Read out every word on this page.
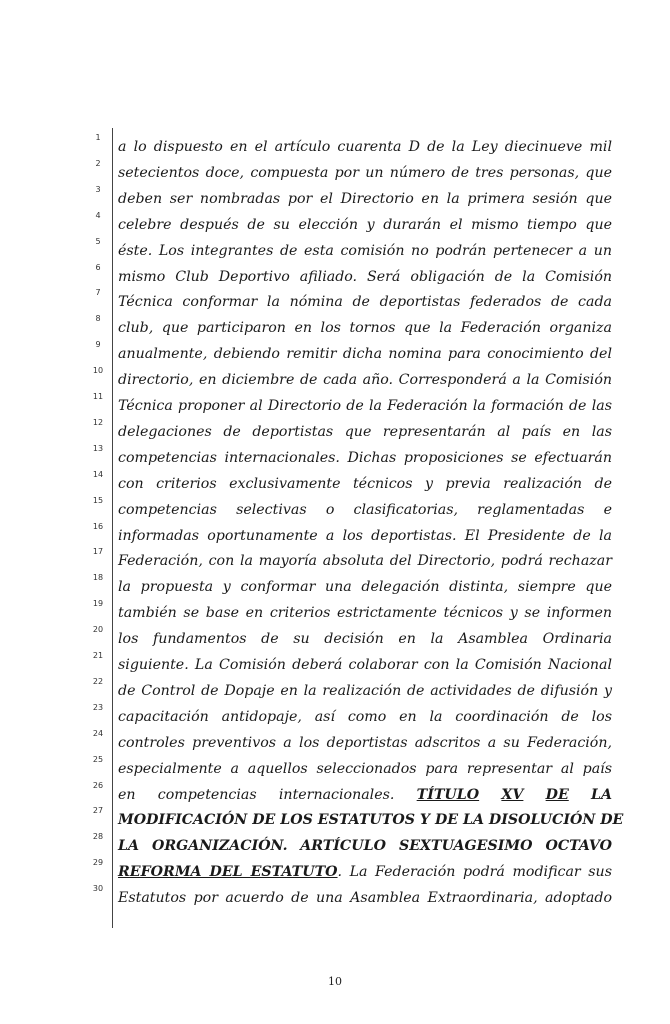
1
2
3
4
5
6
7
8
9
10
11
12
13
14
15
16
17
18
19
20
21
22
23
24
25
26
27
28
29
30
a lo dispuesto en el artículo cuarenta D de la Ley diecinueve mil
setecientos doce, compuesta por un número de tres personas, que
deben ser nombradas por el Directorio en la primera sesión que
celebre después de su elección y durarán el mismo tiempo que
éste. Los integrantes de esta comisión no podrán pertenecer a un
mismo Club Deportivo afiliado. Será obligación de la Comisión
Técnica conformar la nómina de deportistas federados de cada
club, que participaron en los tornos que la Federación organiza
anualmente, debiendo remitir dicha nomina para conocimiento del
directorio, en diciembre de cada año. Corresponderá a la Comisión
Técnica proponer al Directorio de la Federación la formación de las
delegaciones de deportistas que representarán al país en las
competencias internacionales. Dichas proposiciones se efectuarán
con criterios exclusivamente técnicos y previa realización de
competencias selectivas o clasificatorias, reglamentadas e
informadas oportunamente a los deportistas. El Presidente de la
Federación, con la mayoría absoluta del Directorio, podrá rechazar
la propuesta y conformar una delegación distinta, siempre que
también se base en criterios estrictamente técnicos y se informen
los fundamentos de su decisión en la Asamblea Ordinaria
siguiente. La Comisión deberá colaborar con la Comisión Nacional
de Control de Dopaje en la realización de actividades de difusión y
capacitación antidopaje, así como en la coordinación de los
controles preventivos a los deportistas adscritos a su Federación,
especialmente a aquellos seleccionados para representar al país
en competencias internacionales. TÍTULO XV DE LA
MODIFICACIÓN DE LOS ESTATUTOS Y DE LA DISOLUCIÓN DE
LA ORGANIZACIÓN. ARTÍCULO SEXTUAGESIMO OCTAVO
REFORMA DEL ESTATUTO. La Federación podrá modificar sus
Estatutos por acuerdo de una Asamblea Extraordinaria, adoptado
10
